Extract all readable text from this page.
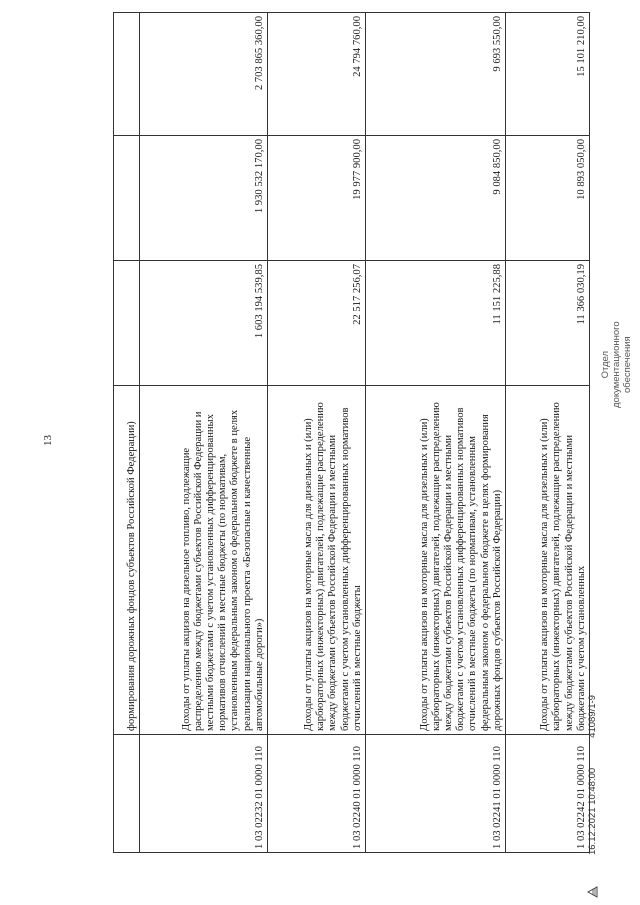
13
		формирования дорожных фондов субъектов Российской Федерации)			
1 03 02232 01 0000 110	Доходы от уплаты акцизов на дизельное топливо, подлежащие распределению между бюджетами субъектов Российской Федерации и местными бюджетами с учетом установленных дифференцированных нормативов отчислений в местные бюджеты (по нормативам, установленным федеральным законом о федеральном бюджете в целях реализации национального проекта «Безопасные и качественные автомобильные дороги»)	1 603 194 539,85	1 930 532 170,00	2 703 865 360,00
1 03 02240 01 0000 110	Доходы от уплаты акцизов на моторные масла для дизельных и (или) карбюраторных (инжекторных) двигателей, подлежащие распределению между бюджетами субъектов Российской Федерации и местными бюджетами с учетом установленных дифференцированных нормативов отчислений в местные бюджеты	22 517 256,07	19 977 900,00	24 794 760,00
1 03 02241 01 0000 110	Доходы от уплаты акцизов на моторные масла для дизельных и (или) карбюраторных (инжекторных) двигателей, подлежащие распределению между бюджетами субъектов Российской Федерации и местными бюджетами с учетом установленных дифференцированных нормативов отчислений в местные бюджеты (по нормативам, установленным федеральным законом о федеральном бюджете в целях формирования дорожных фондов субъектов Российской Федерации)	11 151 225,88	9 084 850,00	9 693 550,00
1 03 02242 01 0000 110	Доходы от уплаты акцизов на моторные масла для дизельных и (или) карбюраторных (инжекторных) двигателей, подлежащие распределению между бюджетами субъектов Российской Федерации и местными бюджетами с учетом установленных	11 366 030,19	10 893 050,00	15 101 210,00
Отдел документационного обеспечения
16.12.2021 10:48:00
41089/1-9
